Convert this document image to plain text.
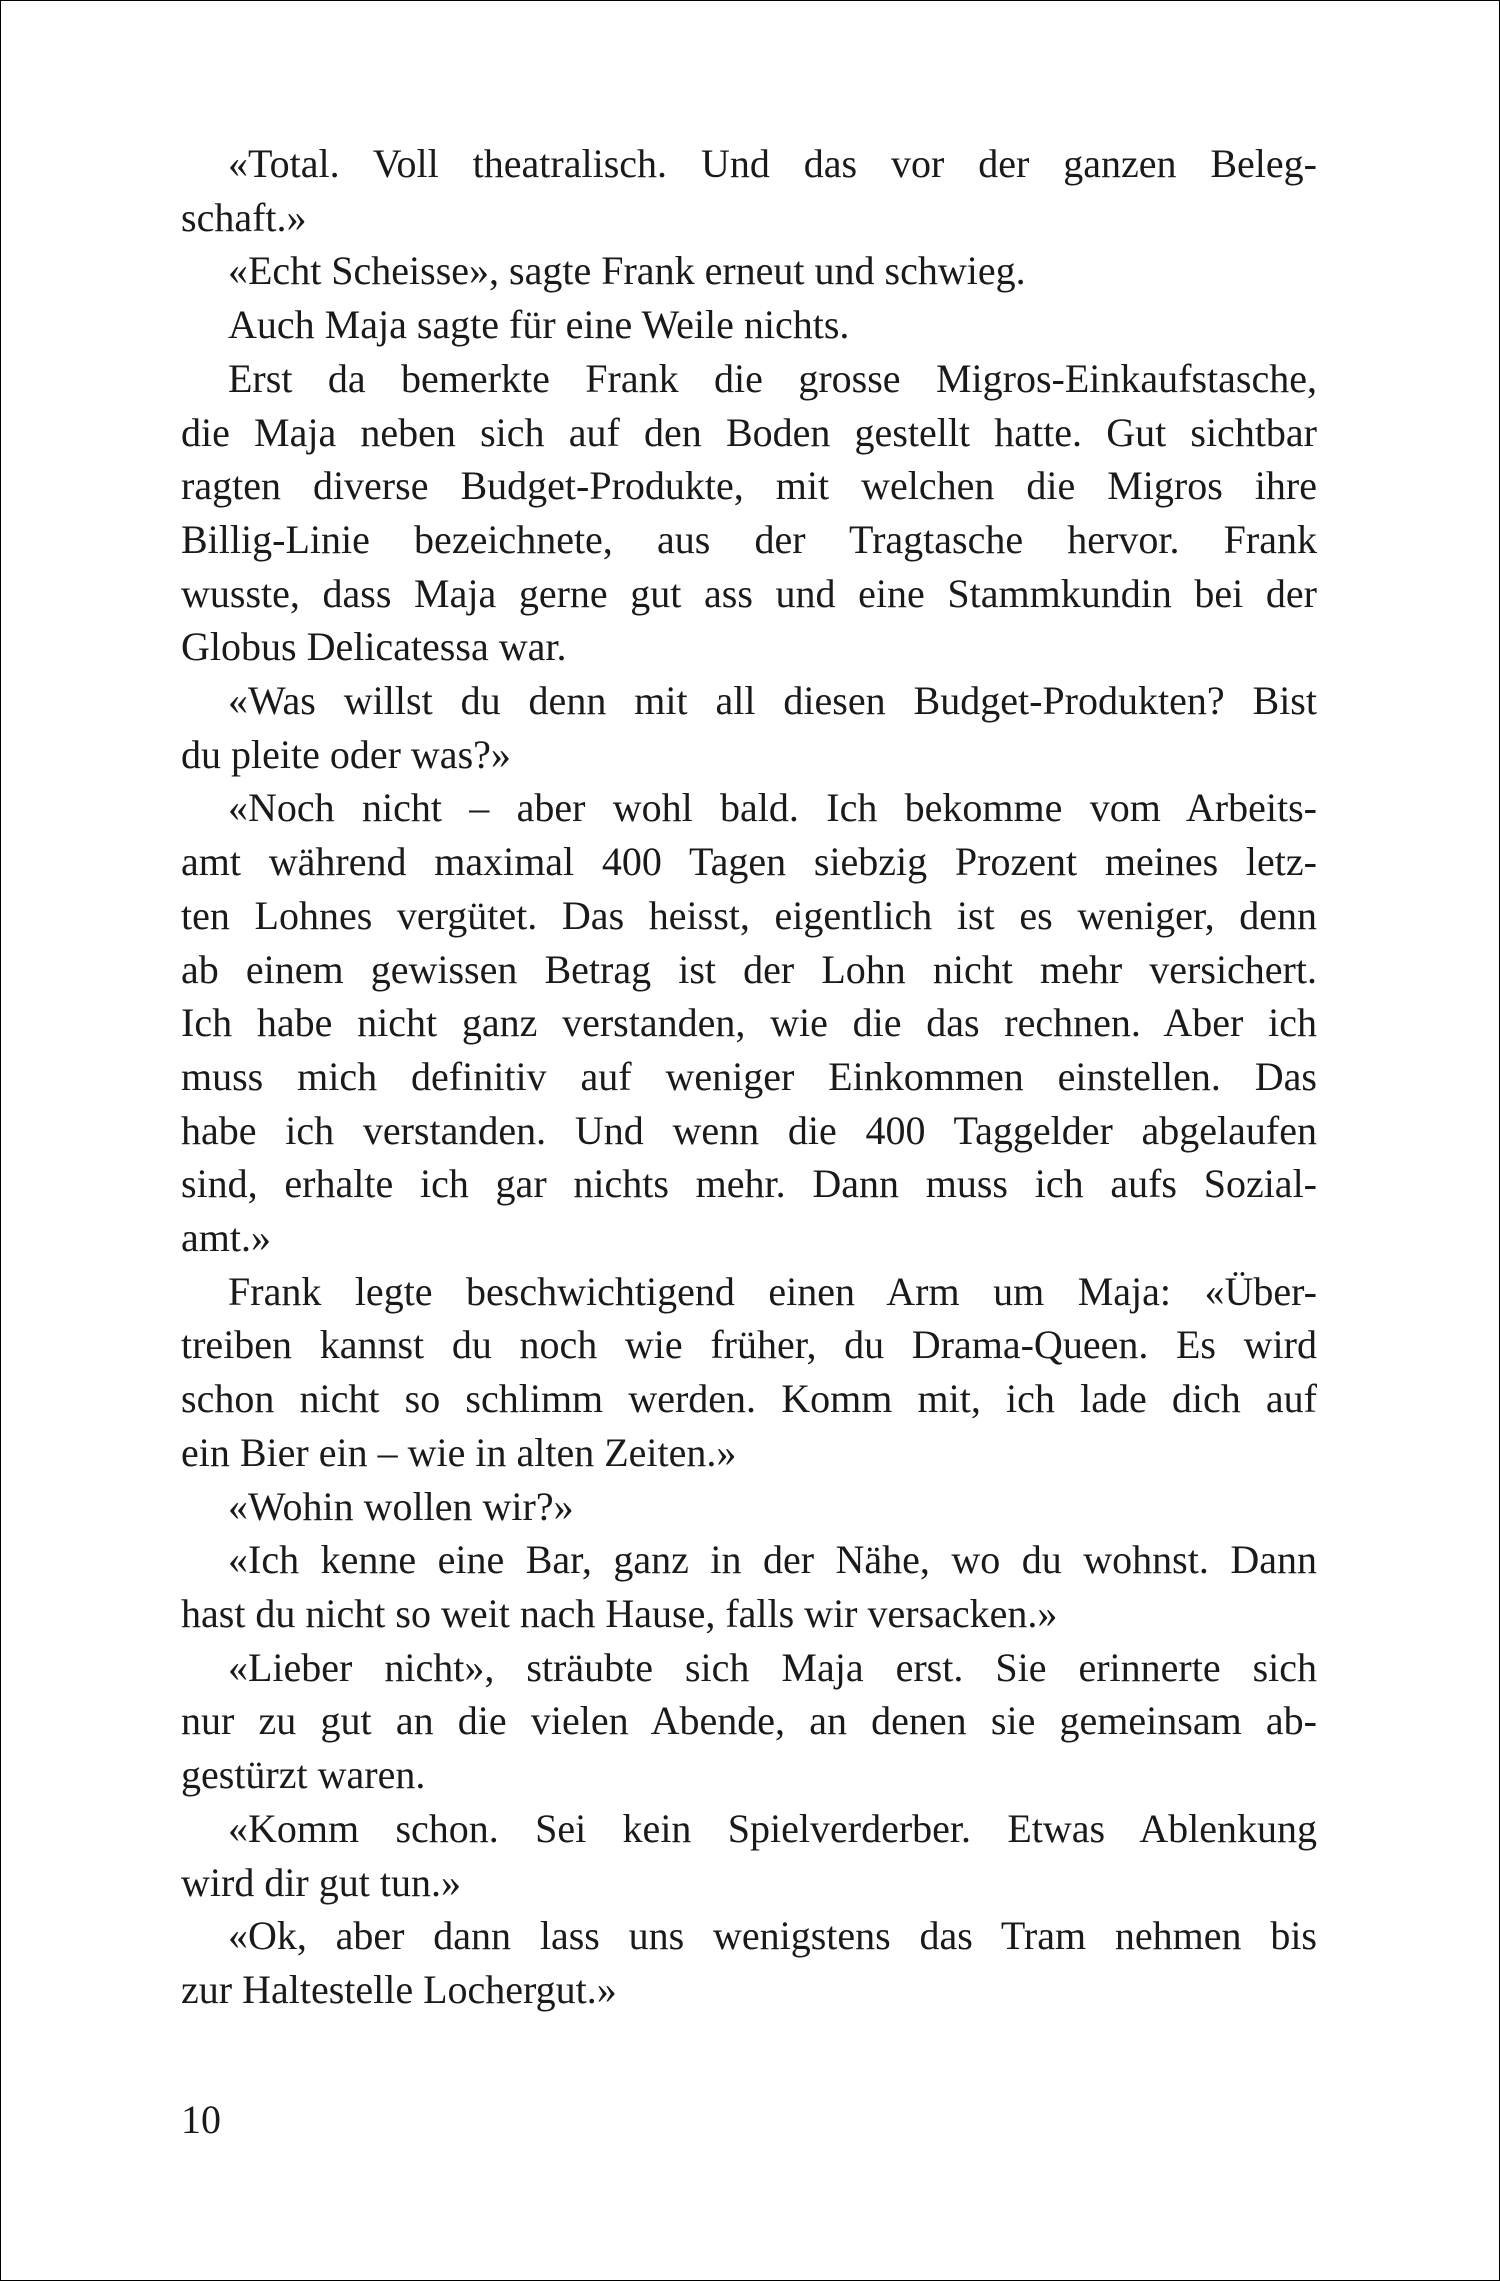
«Total. Voll theatralisch. Und das vor der ganzen Beleg-
schaft.»
«Echt Scheisse», sagte Frank erneut und schwieg.
Auch Maja sagte für eine Weile nichts.
Erst da bemerkte Frank die grosse Migros-Einkaufstasche,
die Maja neben sich auf den Boden gestellt hatte. Gut sichtbar
ragten diverse Budget-Produkte, mit welchen die Migros ihre
Billig-Linie bezeichnete, aus der Tragtasche hervor. Frank
wusste, dass Maja gerne gut ass und eine Stammkundin bei der
Globus Delicatessa war.
«Was willst du denn mit all diesen Budget-Produkten? Bist
du pleite oder was?»
«Noch nicht – aber wohl bald. Ich bekomme vom Arbeits-
amt während maximal 400 Tagen siebzig Prozent meines letz-
ten Lohnes vergütet. Das heisst, eigentlich ist es weniger, denn
ab einem gewissen Betrag ist der Lohn nicht mehr versichert.
Ich habe nicht ganz verstanden, wie die das rechnen. Aber ich
muss mich definitiv auf weniger Einkommen einstellen. Das
habe ich verstanden. Und wenn die 400 Taggelder abgelaufen
sind, erhalte ich gar nichts mehr. Dann muss ich aufs Sozial-
amt.»
Frank legte beschwichtigend einen Arm um Maja: «Über-
treiben kannst du noch wie früher, du Drama-Queen. Es wird
schon nicht so schlimm werden. Komm mit, ich lade dich auf
ein Bier ein – wie in alten Zeiten.»
«Wohin wollen wir?»
«Ich kenne eine Bar, ganz in der Nähe, wo du wohnst. Dann
hast du nicht so weit nach Hause, falls wir versacken.»
«Lieber nicht», sträubte sich Maja erst. Sie erinnerte sich
nur zu gut an die vielen Abende, an denen sie gemeinsam ab-
gestürzt waren.
«Komm schon. Sei kein Spielverderber. Etwas Ablenkung
wird dir gut tun.»
«Ok, aber dann lass uns wenigstens das Tram nehmen bis
zur Haltestelle Lochergut.»
10
